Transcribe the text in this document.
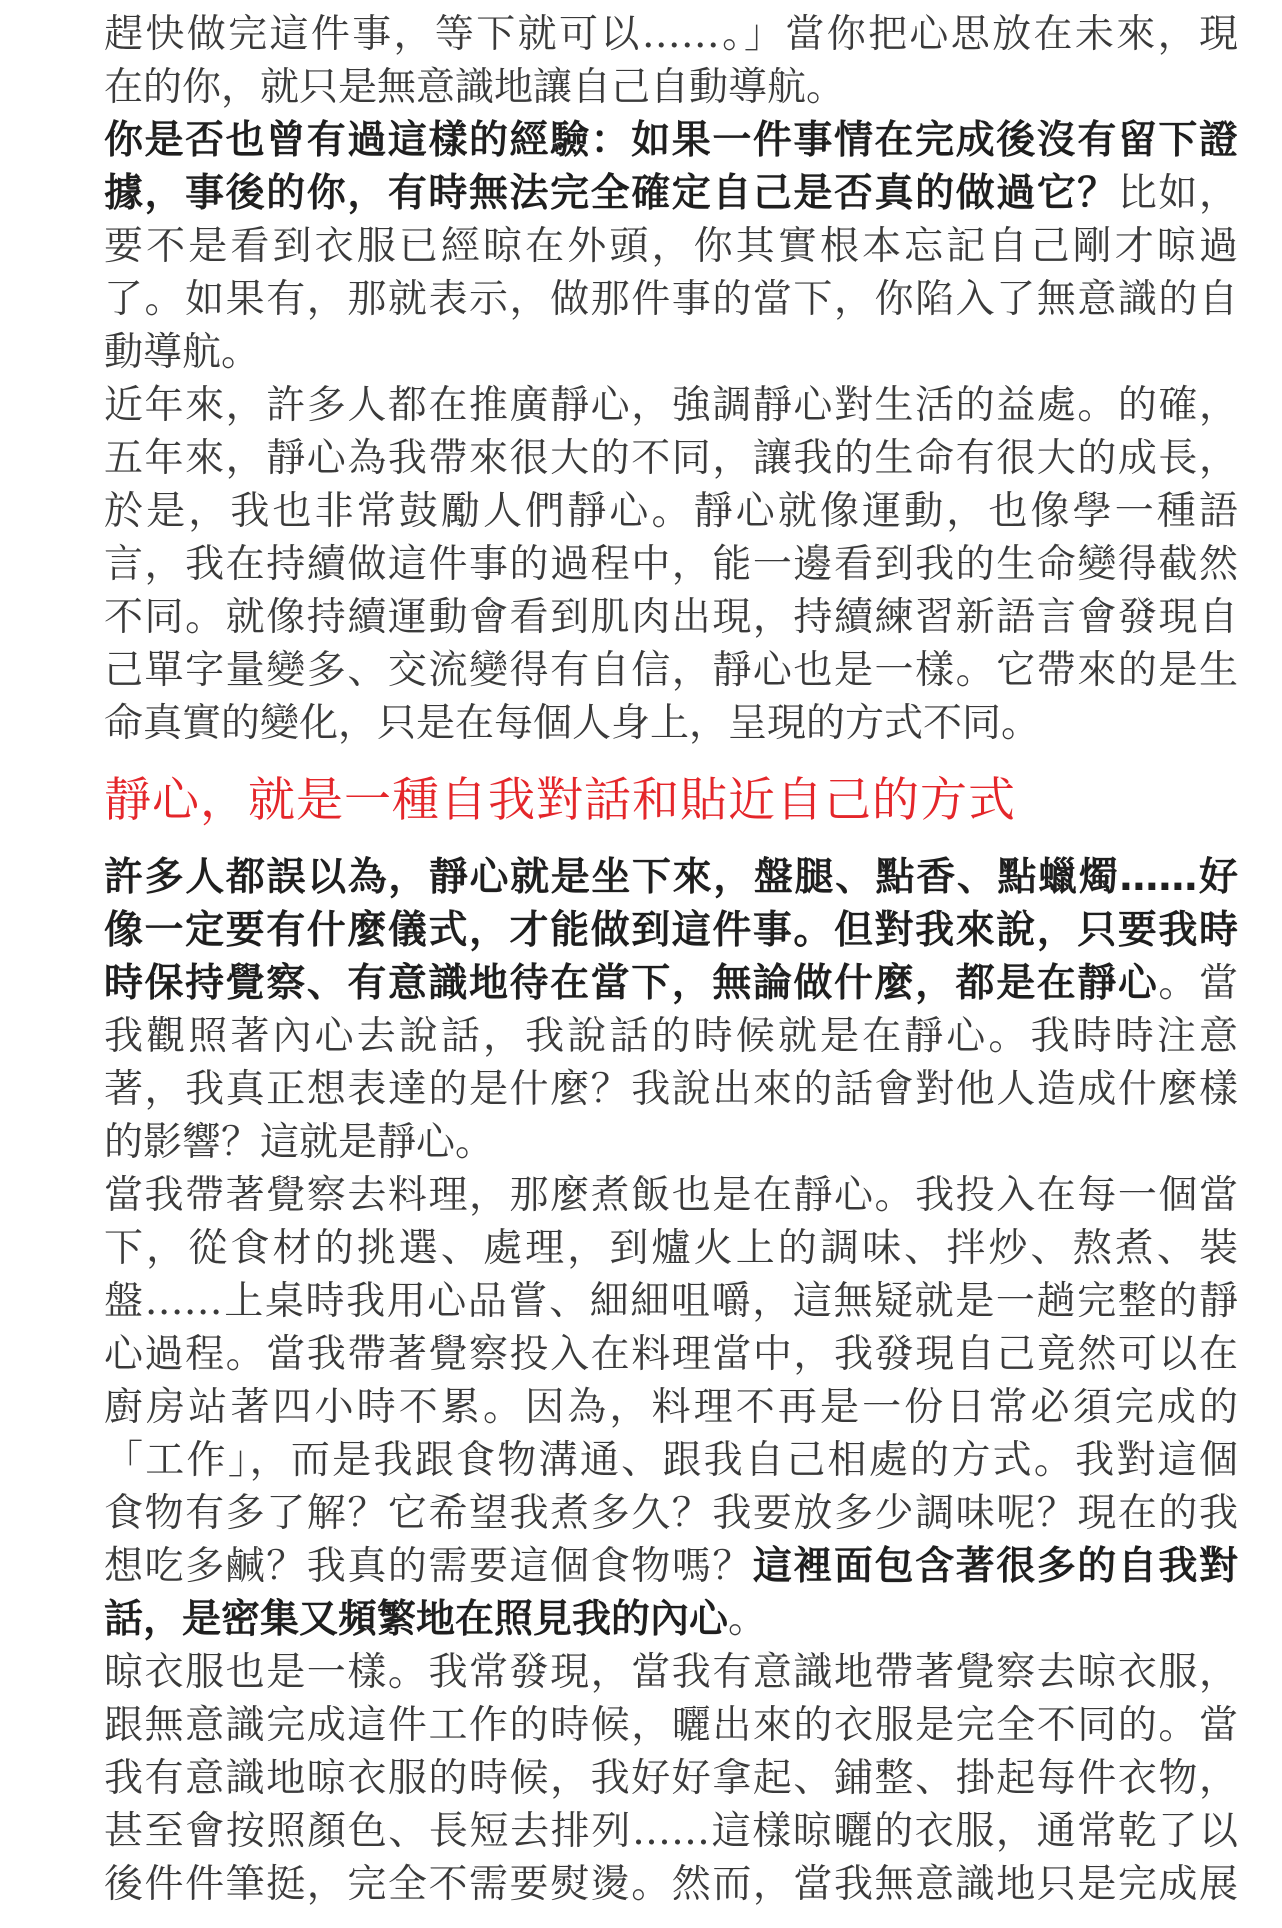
趕快做完這件事，等下就可以……。」當你把心思放在未來，現
在的你，就只是無意識地讓自己自動導航。
你是否也曾有過這樣的經驗：如果一件事情在完成後沒有留下證
據，事後的你，有時無法完全確定自己是否真的做過它？比如，
要不是看到衣服已經晾在外頭，你其實根本忘記自己剛才晾過
了。如果有，那就表示，做那件事的當下，你陷入了無意識的自
動導航。
近年來，許多人都在推廣靜心，強調靜心對生活的益處。的確，
五年來，靜心為我帶來很大的不同，讓我的生命有很大的成長，
於是，我也非常鼓勵人們靜心。靜心就像運動，也像學一種語
言，我在持續做這件事的過程中，能一邊看到我的生命變得截然
不同。就像持續運動會看到肌肉出現，持續練習新語言會發現自
己單字量變多、交流變得有自信，靜心也是一樣。它帶來的是生
命真實的變化，只是在每個人身上，呈現的方式不同。
靜心，就是一種自我對話和貼近自己的方式
許多人都誤以為，靜心就是坐下來，盤腿、點香、點蠟燭……好
像一定要有什麼儀式，才能做到這件事。但對我來說，只要我時
時保持覺察、有意識地待在當下，無論做什麼，都是在靜心。當
我觀照著內心去說話，我說話的時候就是在靜心。我時時注意
著，我真正想表達的是什麼？我說出來的話會對他人造成什麼樣
的影響？這就是靜心。
當我帶著覺察去料理，那麼煮飯也是在靜心。我投入在每一個當
下，從食材的挑選、處理，到爐火上的調味、拌炒、熬煮、裝
盤……上桌時我用心品嘗、細細咀嚼，這無疑就是一趟完整的靜
心過程。當我帶著覺察投入在料理當中，我發現自己竟然可以在
廚房站著四小時不累。因為，料理不再是一份日常必須完成的
「工作」，而是我跟食物溝通、跟我自己相處的方式。我對這個
食物有多了解？它希望我煮多久？我要放多少調味呢？現在的我
想吃多鹹？我真的需要這個食物嗎？這裡面包含著很多的自我對
話，是密集又頻繁地在照見我的內心。
晾衣服也是一樣。我常發現，當我有意識地帶著覺察去晾衣服，
跟無意識完成這件工作的時候，曬出來的衣服是完全不同的。當
我有意識地晾衣服的時候，我好好拿起、鋪整、掛起每件衣物，
甚至會按照顏色、長短去排列……這樣晾曬的衣服，通常乾了以
後件件筆挺，完全不需要熨燙。然而，當我無意識地只是完成展
